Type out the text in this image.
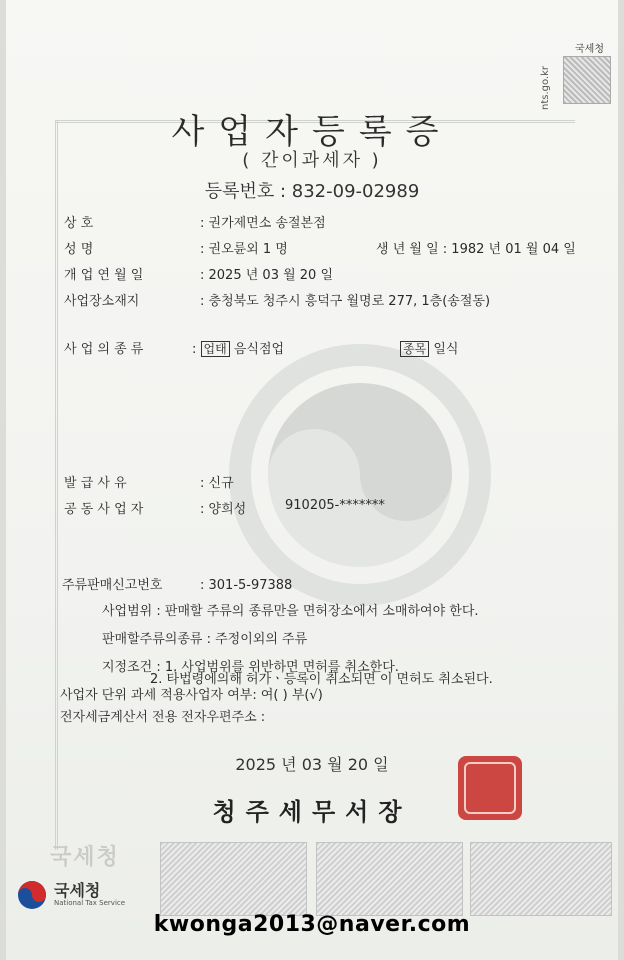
국세청
nts.go.kr
사업자등록증
( 간이과세자 )
등록번호 : 832-09-02989
상 호	: 권가제면소 송절본점
성 명	: 권오륜외 1 명	생 년 월 일 : 1982 년 01 월 04 일
개 업 연 월 일	: 2025 년 03 월 20 일
사업장소재지	: 충청북도 청주시 흥덕구 월명로 277, 1층(송절동)
사 업 의 종 류	: 업태 음식점업	종목 일식
발 급 사 유	: 신규
공 동 사 업 자	: 양희성	910205-*******
주류판매신고번호	: 301-5-97388
사업범위 : 판매할 주류의 종류만을 면허장소에서 소매하여야 한다.
판매할주류의종류 : 주정이외의 주류
지정조건 : 1. 사업범위를 위반하면 면허를 취소한다.
2. 타법령에의해 허가ㆍ등록이 취소되면 이 면허도 취소된다.
사업자 단위 과세 적용사업자 여부: 여( ) 부(√)
전자세금계산서 전용 전자우편주소 :
2025 년 03 월 20 일
청주세무서장
국세청
국세청
National Tax Service
kwonga2013@naver.com
